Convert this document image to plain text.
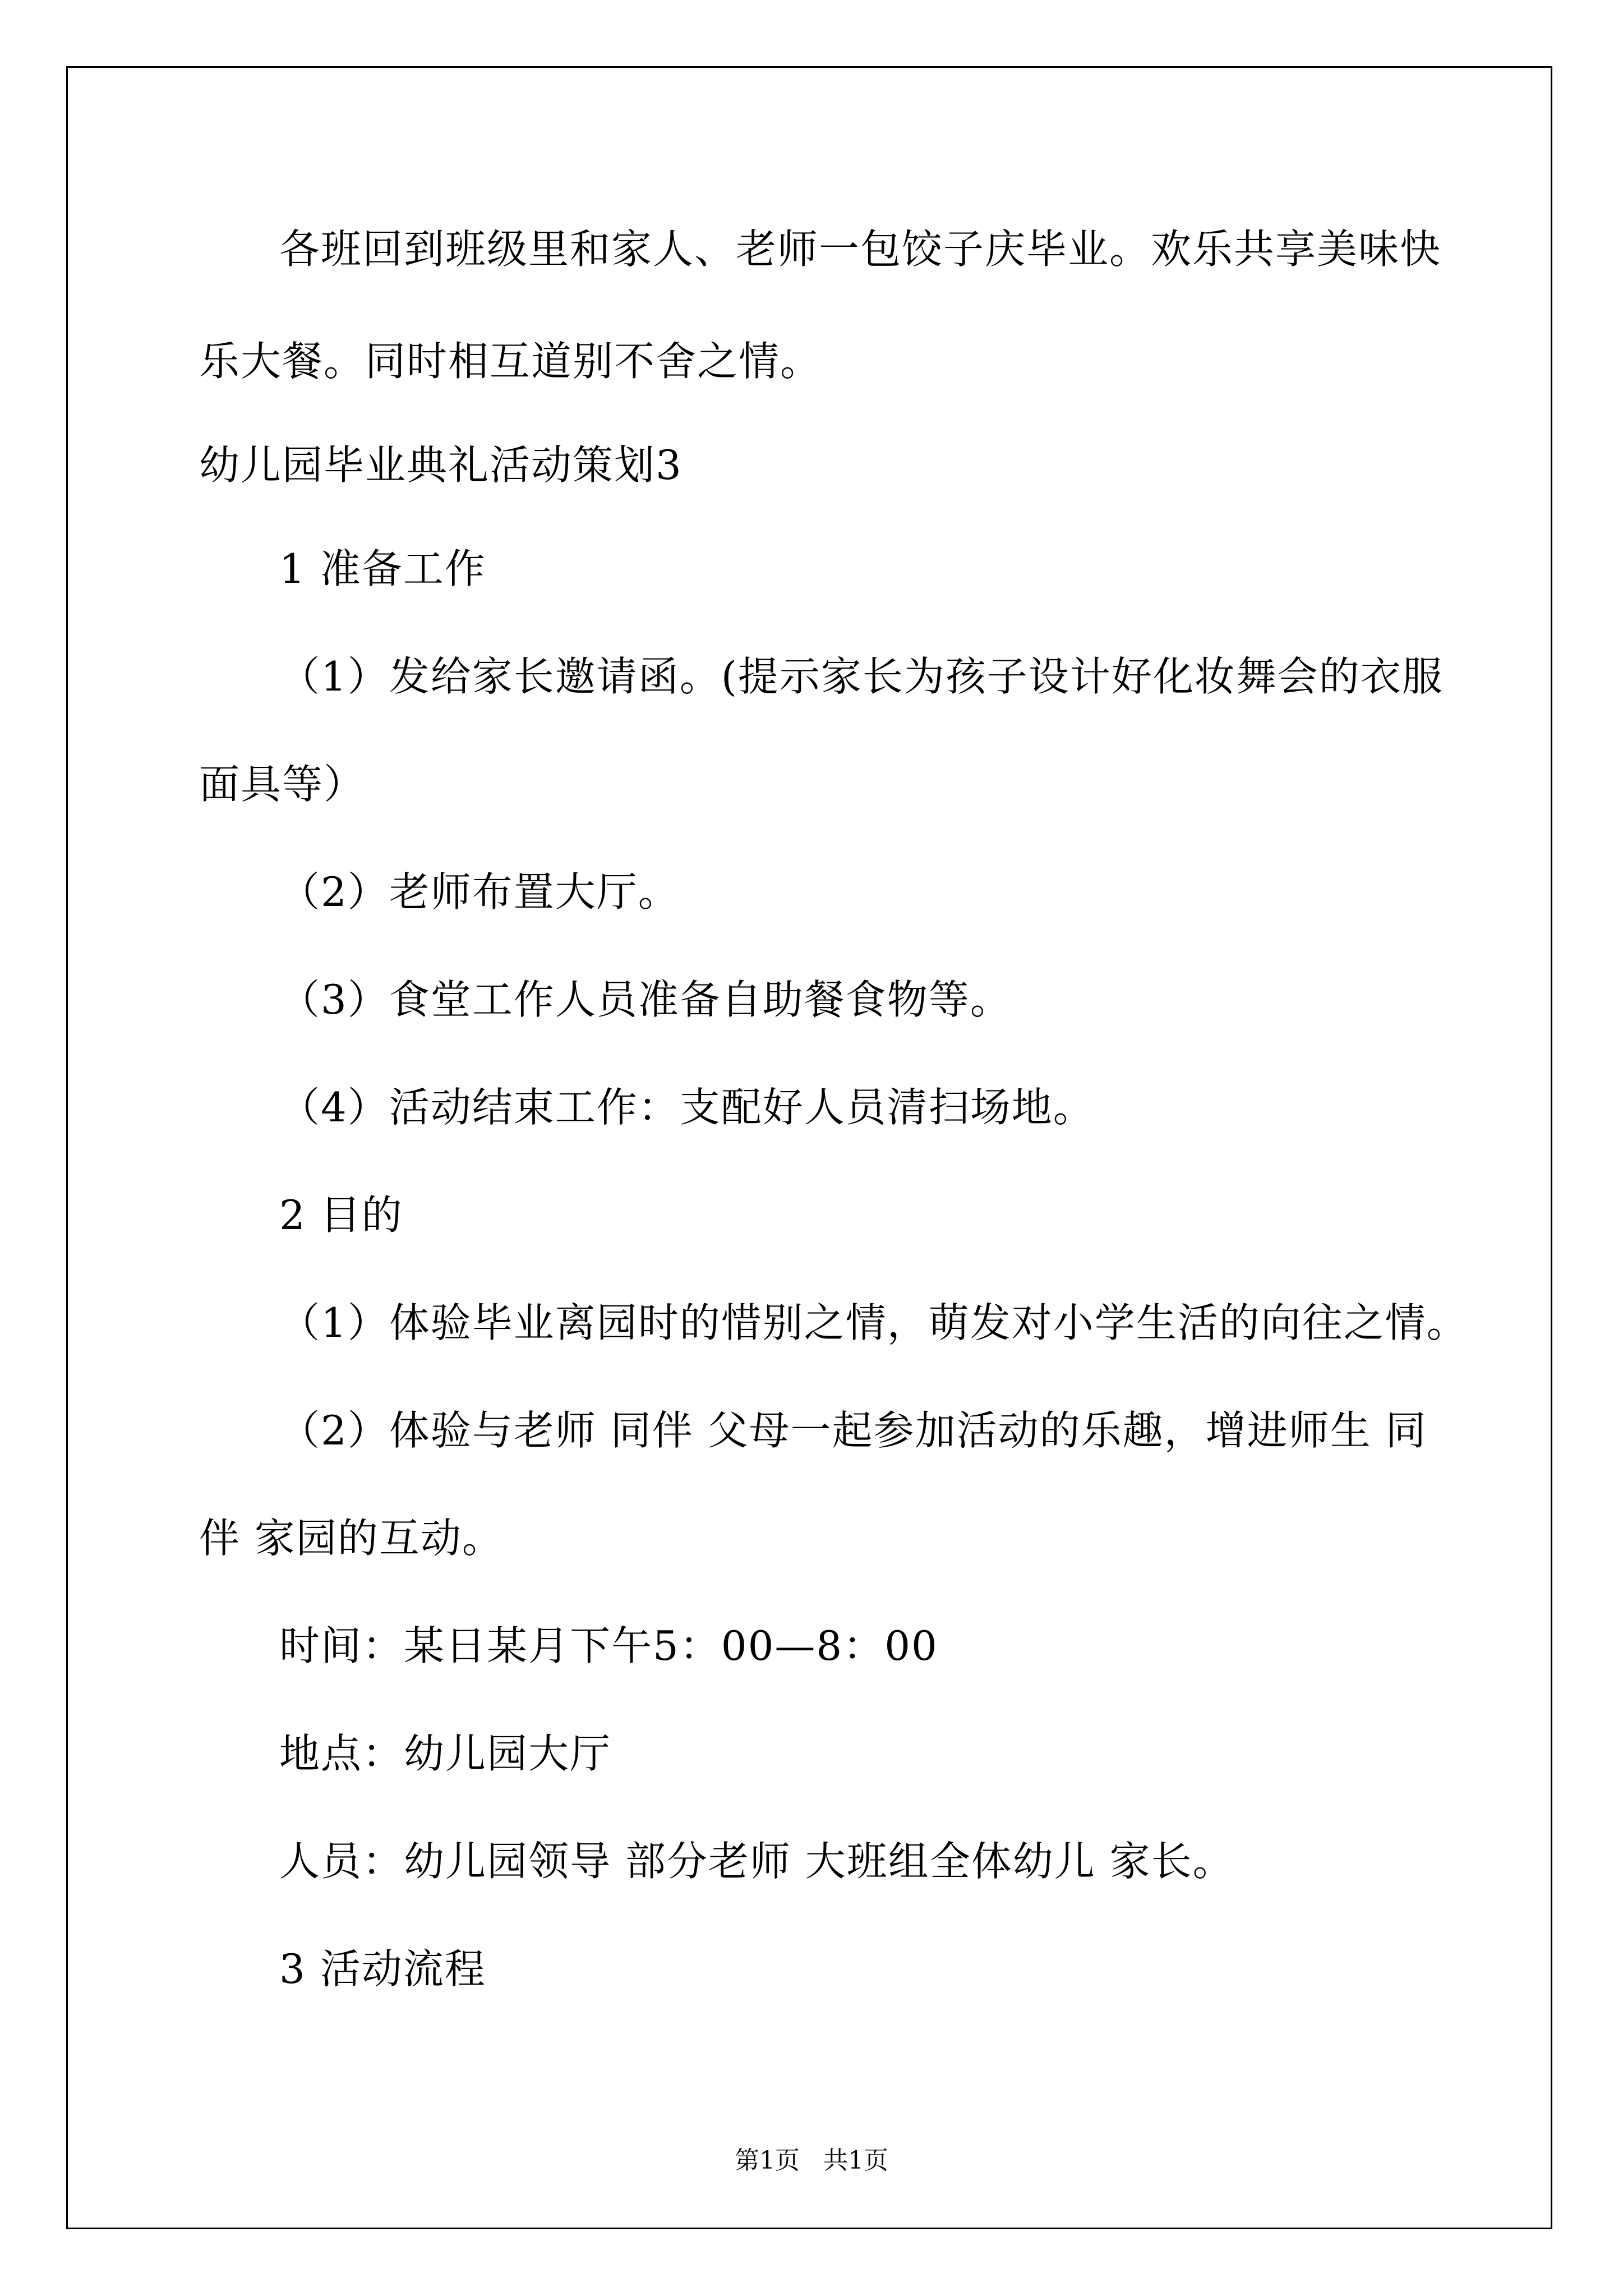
各班回到班级里和家人、老师一包饺子庆毕业。欢乐共享美味快
乐大餐。同时相互道别不舍之情。
幼儿园毕业典礼活动策划3
1 准备工作
（1）发给家长邀请函。(提示家长为孩子设计好化妆舞会的衣服
面具等）
（2）老师布置大厅。
（3）食堂工作人员准备自助餐食物等。
（4）活动结束工作：支配好人员清扫场地。
2 目的
（1）体验毕业离园时的惜别之情，萌发对小学生活的向往之情。
（2）体验与老师 同伴 父母一起参加活动的乐趣，增进师生 同
伴 家园的互动。
时间：某日某月下午5：00—8：00
地点：幼儿园大厅
人员：幼儿园领导 部分老师 大班组全体幼儿 家长。
3 活动流程
第1页   共1页
